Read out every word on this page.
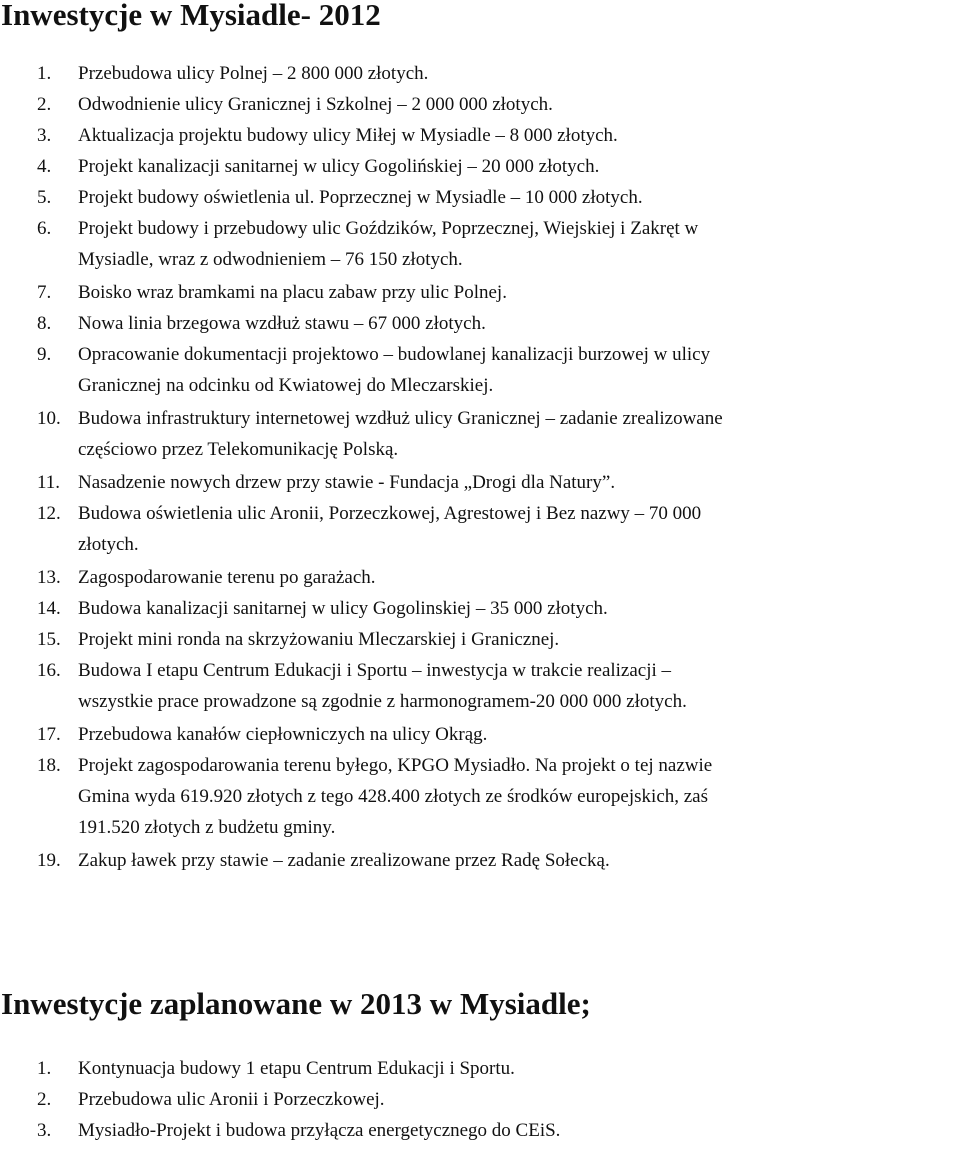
Inwestycje w Mysiadle- 2012
1.	Przebudowa ulicy Polnej – 2 800 000 złotych.
2.	Odwodnienie ulicy Granicznej i Szkolnej – 2 000 000 złotych.
3.	Aktualizacja projektu budowy ulicy Miłej w Mysiadle – 8 000 złotych.
4.	Projekt kanalizacji sanitarnej w ulicy Gogolińskiej – 20 000 złotych.
5.	Projekt budowy oświetlenia ul. Poprzecznej w Mysiadle – 10 000 złotych.
6.	Projekt budowy i przebudowy ulic Goździków, Poprzecznej, Wiejskiej i Zakręt w
Mysiadle, wraz z odwodnieniem – 76 150 złotych.
7.	Boisko wraz bramkami na placu zabaw przy ulic Polnej.
8.	Nowa linia brzegowa wzdłuż stawu – 67 000 złotych.
9.	Opracowanie dokumentacji projektowo – budowlanej kanalizacji burzowej w ulicy
Granicznej na odcinku od Kwiatowej do Mleczarskiej.
10. Budowa infrastruktury internetowej wzdłuż ulicy Granicznej – zadanie zrealizowane
częściowo przez Telekomunikację Polską.
11. Nasadzenie nowych drzew przy stawie - Fundacja „Drogi dla Natury”.
12. Budowa oświetlenia ulic Aronii, Porzeczkowej, Agrestowej i Bez nazwy – 70 000
złotych.
13. Zagospodarowanie terenu po garażach.
14. Budowa kanalizacji sanitarnej w ulicy Gogolinskiej – 35 000 złotych.
15. Projekt mini ronda na skrzyżowaniu Mleczarskiej i Granicznej.
16. Budowa I etapu Centrum Edukacji i Sportu – inwestycja w trakcie realizacji –
wszystkie prace prowadzone są zgodnie z harmonogramem-20 000 000 złotych.
17. Przebudowa kanałów ciepłowniczych na ulicy Okrąg.
18. Projekt zagospodarowania terenu byłego, KPGO Mysiadło. Na projekt o tej nazwie
Gmina wyda 619.920 złotych z tego 428.400 złotych ze środków europejskich, zaś
191.520 złotych z budżetu gminy.
19. Zakup ławek przy stawie – zadanie zrealizowane przez Radę Sołecką.
Inwestycje zaplanowane w 2013 w Mysiadle;
1.	Kontynuacja budowy 1 etapu Centrum Edukacji i Sportu.
2.	Przebudowa ulic Aronii i Porzeczkowej.
3.	Mysiadło-Projekt i budowa przyłącza energetycznego do CEiS.
